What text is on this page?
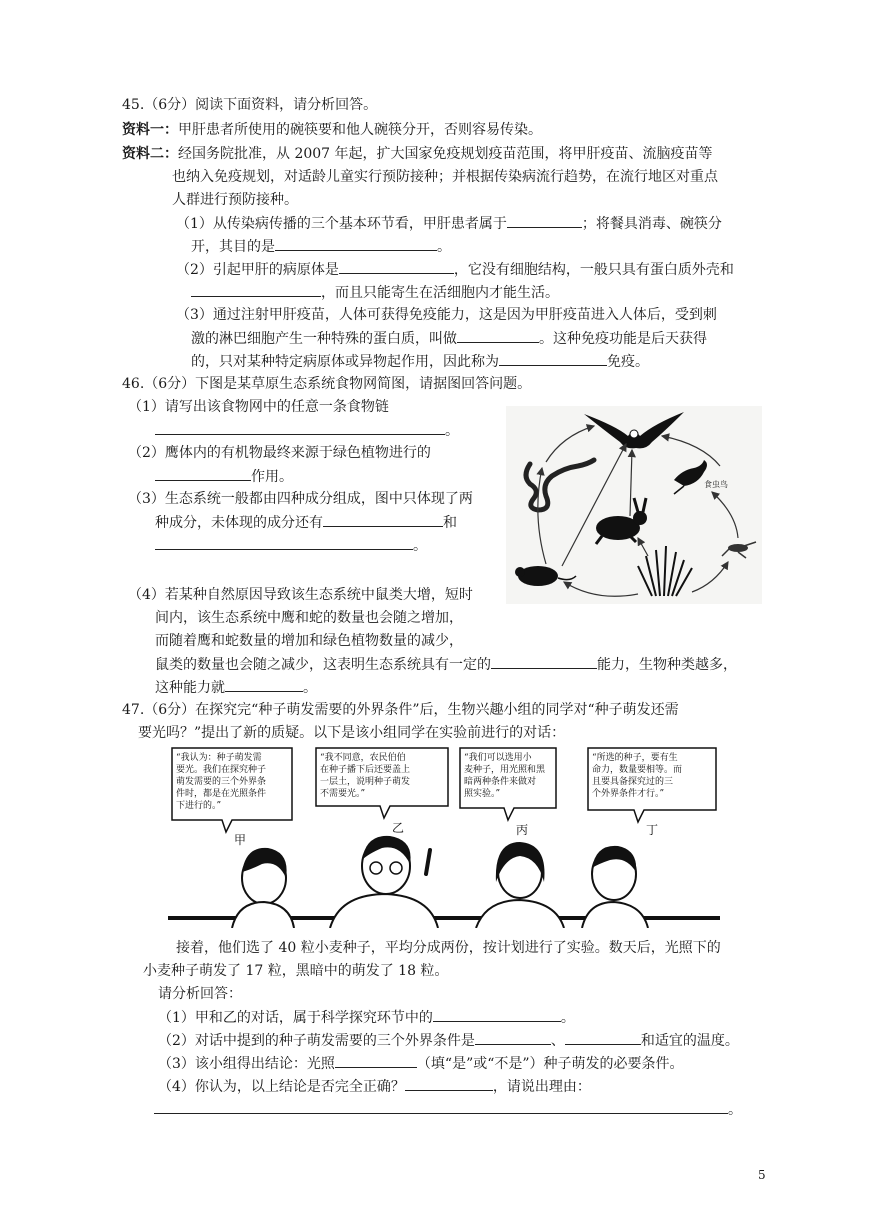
45.（6分）阅读下面资料，请分析回答。
资料一：甲肝患者所使用的碗筷要和他人碗筷分开，否则容易传染。
资料二：经国务院批准，从 2007 年起，扩大国家免疫规划疫苗范围，将甲肝疫苗、流脑疫苗等
也纳入免疫规划，对适龄儿童实行预防接种；并根据传染病流行趋势，在流行地区对重点
人群进行预防接种。
（1）从传染病传播的三个基本环节看，甲肝患者属于	；将餐具消毒、碗筷分
开，其目的是	。
（2）引起甲肝的病原体是	，它没有细胞结构，一般只具有蛋白质外壳和
，而且只能寄生在活细胞内才能生活。
（3）通过注射甲肝疫苗，人体可获得免疫能力，这是因为甲肝疫苗进入人体后，受到刺
激的淋巴细胞产生一种特殊的蛋白质，叫做	。这种免疫功能是后天获得
的，只对某种特定病原体或异物起作用，因此称为	免疫。
46.（6分）下图是某草原生态系统食物网简图，请据图回答问题。
（1）请写出该食物网中的任意一条食物链
。
（2）鹰体内的有机物最终来源于绿色植物进行的
作用。
（3）生态系统一般都由四种成分组成，图中只体现了两
种成分，未体现的成分还有	和
。
食虫鸟
（4）若某种自然原因导致该生态系统中鼠类大增，短时
间内，该生态系统中鹰和蛇的数量也会随之增加，
而随着鹰和蛇数量的增加和绿色植物数量的减少，
鼠类的数量也会随之减少，这表明生态系统具有一定的	能力，生物种类越多，
这种能力就	。
47.（6分）在探究完“种子萌发需要的外界条件”后，生物兴趣小组的同学对“种子萌发还需
要光吗？”提出了新的质疑。以下是该小组同学在实验前进行的对话：
“我认为：种子萌发需
要光。我们在探究种子
萌发需要的三个外界条
件时，都是在光照条件
下进行的。”
“我不同意，农民伯伯
在种子播下后还要盖上
一层土，说明种子萌发
不需要光。”
“我们可以选用小
麦种子，用光照和黑
暗两种条件来做对
照实验。”
“所选的种子，要有生
命力，数量要相等。而
且要具备探究过的三
个外界条件才行。”
甲
乙	丙	丁
接着，他们选了 40 粒小麦种子，平均分成两份，按计划进行了实验。数天后，光照下的
小麦种子萌发了 17 粒，黑暗中的萌发了 18 粒。
请分析回答：
（1）甲和乙的对话，属于科学探究环节中的	。
（2）对话中提到的种子萌发需要的三个外界条件是	、	和适宜的温度。
（3）该小组得出结论：光照	（填“是”或“不是”）种子萌发的必要条件。
（4）你认为，以上结论是否完全正确？	，请说出理由：
。
5
